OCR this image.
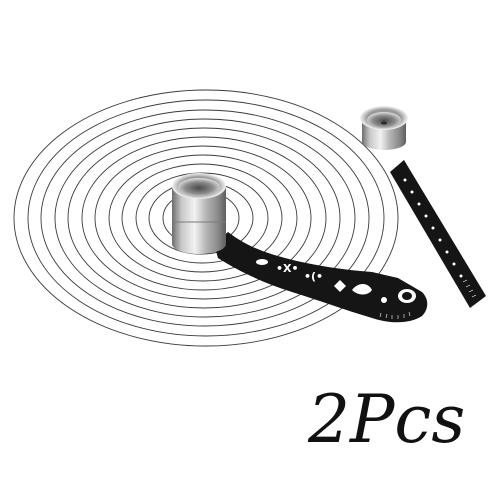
•X•
•(•
2Pcs
